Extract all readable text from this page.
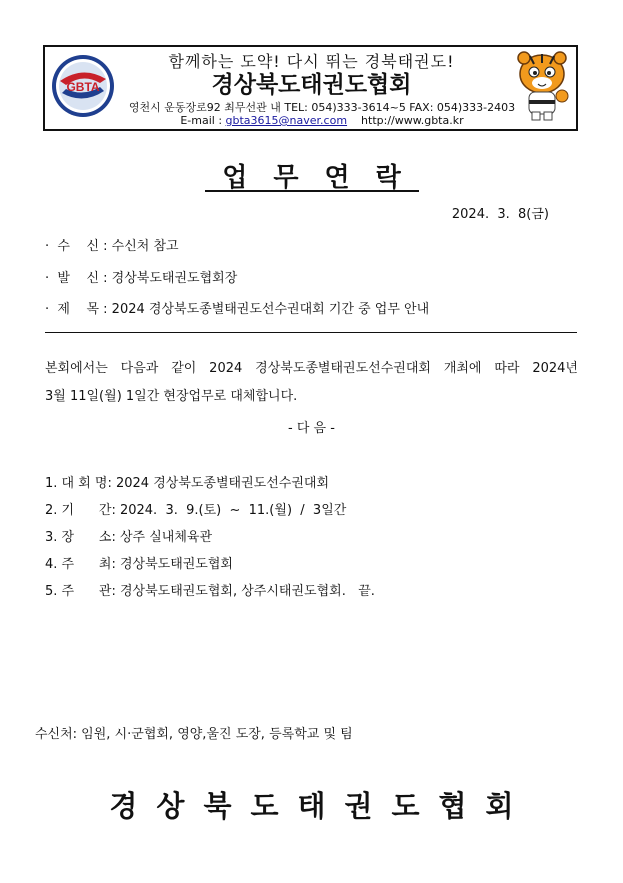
GBTA
함께하는 도약! 다시 뛰는 경북태권도!
경상북도태권도협회
영천시 운동장로92 최무선관 내 TEL: 054)333-3614~5 FAX: 054)333-2403
E-mail : gbta3615@naver.com http://www.gbta.kr
업무연락
2024.  3.  8(금)
·  수    신 : 수신처 참고
·  발    신 : 경상북도태권도협회장
·  제    목 : 2024 경상북도종별태권도선수권대회 기간 중 업무 안내
본회에서는 다음과 같이 2024 경상북도종별태권도선수권대회 개최에 따라 2024년
3월 11일(월) 1일간 현장업무로 대체합니다.
- 다 음 -
1. 대 회 명: 2024 경상북도종별태권도선수권대회
2. 기      간: 2024.  3.  9.(토)  ~  11.(월)  /  3일간
3. 장      소: 상주 실내체육관
4. 주      최: 경상북도태권도협회
5. 주      관: 경상북도태권도협회, 상주시태권도협회.   끝.
수신처: 임원, 시·군협회, 영양,울진 도장, 등록학교 및 팀
경상북도태권도협회
